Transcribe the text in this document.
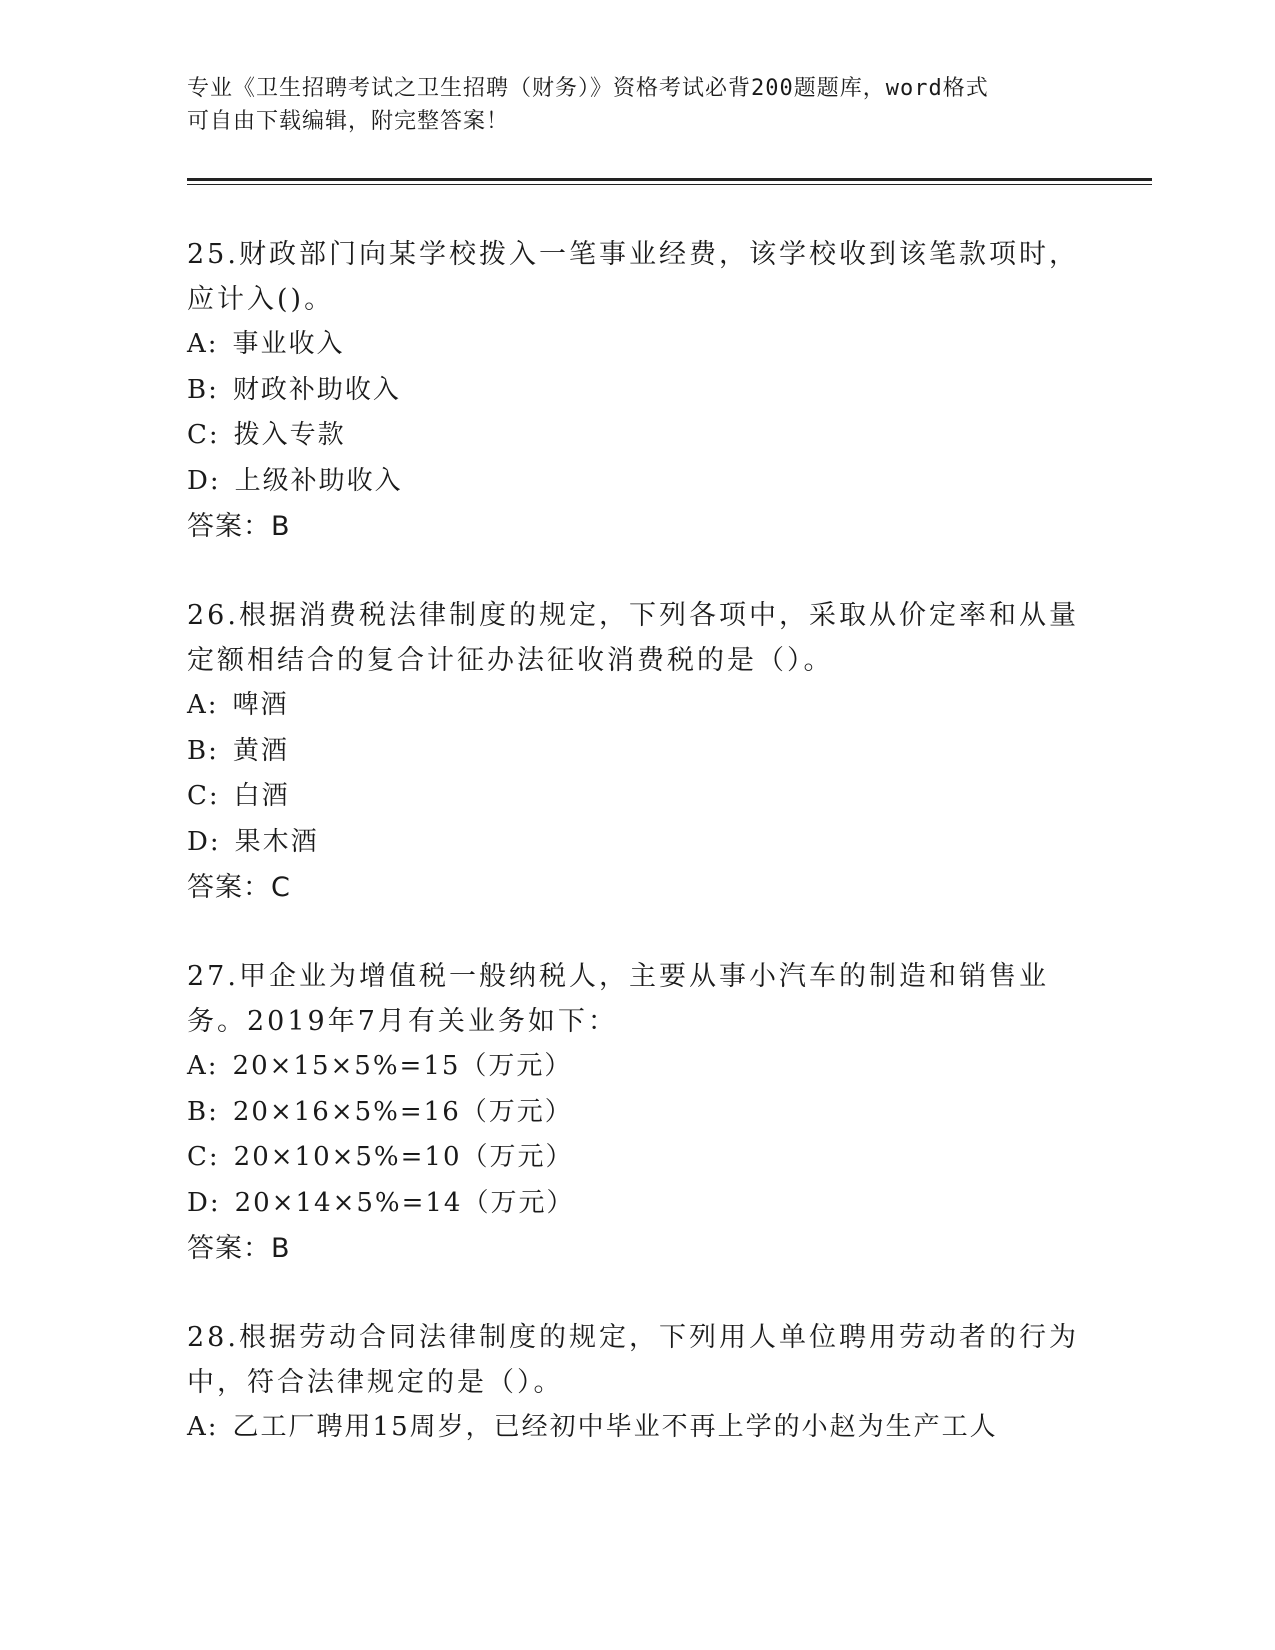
专业《卫生招聘考试之卫生招聘（财务）》资格考试必背200题题库，word格式
可自由下载编辑，附完整答案！
25.财政部门向某学校拨入一笔事业经费，该学校收到该笔款项时，应计入()。
A: 事业收入
B: 财政补助收入
C: 拨入专款
D: 上级补助收入
答案：B
26.根据消费税法律制度的规定，下列各项中，采取从价定率和从量定额相结合的复合计征办法征收消费税的是（）。
A: 啤酒
B: 黄酒
C: 白酒
D: 果木酒
答案：C
27.甲企业为增值税一般纳税人，主要从事小汽车的制造和销售业务。2019年7月有关业务如下：
A: 20×15×5%=15（万元）
B: 20×16×5%=16（万元）
C: 20×10×5%=10（万元）
D: 20×14×5%=14（万元）
答案：B
28.根据劳动合同法律制度的规定，下列用人单位聘用劳动者的行为中，符合法律规定的是（）。
A: 乙工厂聘用15周岁，已经初中毕业不再上学的小赵为生产工人
